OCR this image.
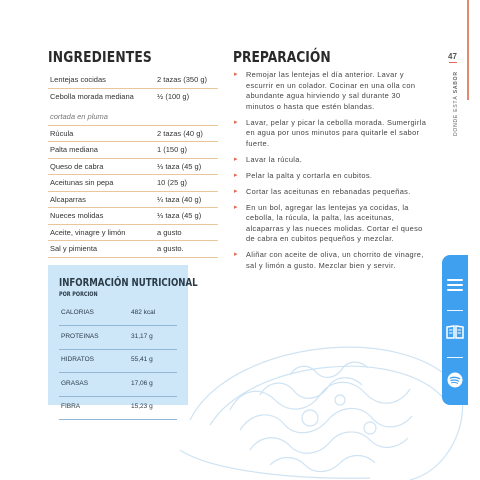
INGREDIENTES
Lentejas cocidas	2 tazas (350 g)
Cebolla morada mediana	½ (100 g)
cortada en pluma
Rúcula	2 tazas (40 g)
Palta mediana	1 (150 g)
Queso de cabra	⅓ taza (45 g)
Aceitunas sin pepa	10 (25 g)
Alcaparras	¼ taza (40 g)
Nueces molidas	⅓ taza (45 g)
Aceite, vinagre y limón	a gusto
Sal y pimienta	a gusto.
PREPARACIÓN
▸ Remojar las lentejas el día anterior. Lavar y escurrir en un colador. Cocinar en una olla con abundante agua hirviendo y sal durante 30 minutos o hasta que estén blandas.
▸ Lavar, pelar y picar la cebolla morada. Sumergirla en agua por unos minutos para quitarle el sabor fuerte.
▸ Lavar la rúcula.
▸ Pelar la palta y cortarla en cubitos.
▸ Cortar las aceitunas en rebanadas pequeñas.
▸ En un bol, agregar las lentejas ya cocidas, la cebolla, la rúcula, la palta, las aceitunas, alcaparras y las nueces molidas. Cortar el queso de cabra en cubitos pequeños y mezclar.
▸ Aliñar con aceite de oliva, un chorrito de vinagre, sal y limón a gusto. Mezclar bien y servir.
47
DONDE ESTÁ SABOR
INFORMACIÓN NUTRICIONAL
POR PORCIÓN
CALORIAS	482 kcal
PROTEINAS	31,17 g
HIDRATOS	55,41 g
GRASAS	17,06 g
FIBRA	15,23 g
